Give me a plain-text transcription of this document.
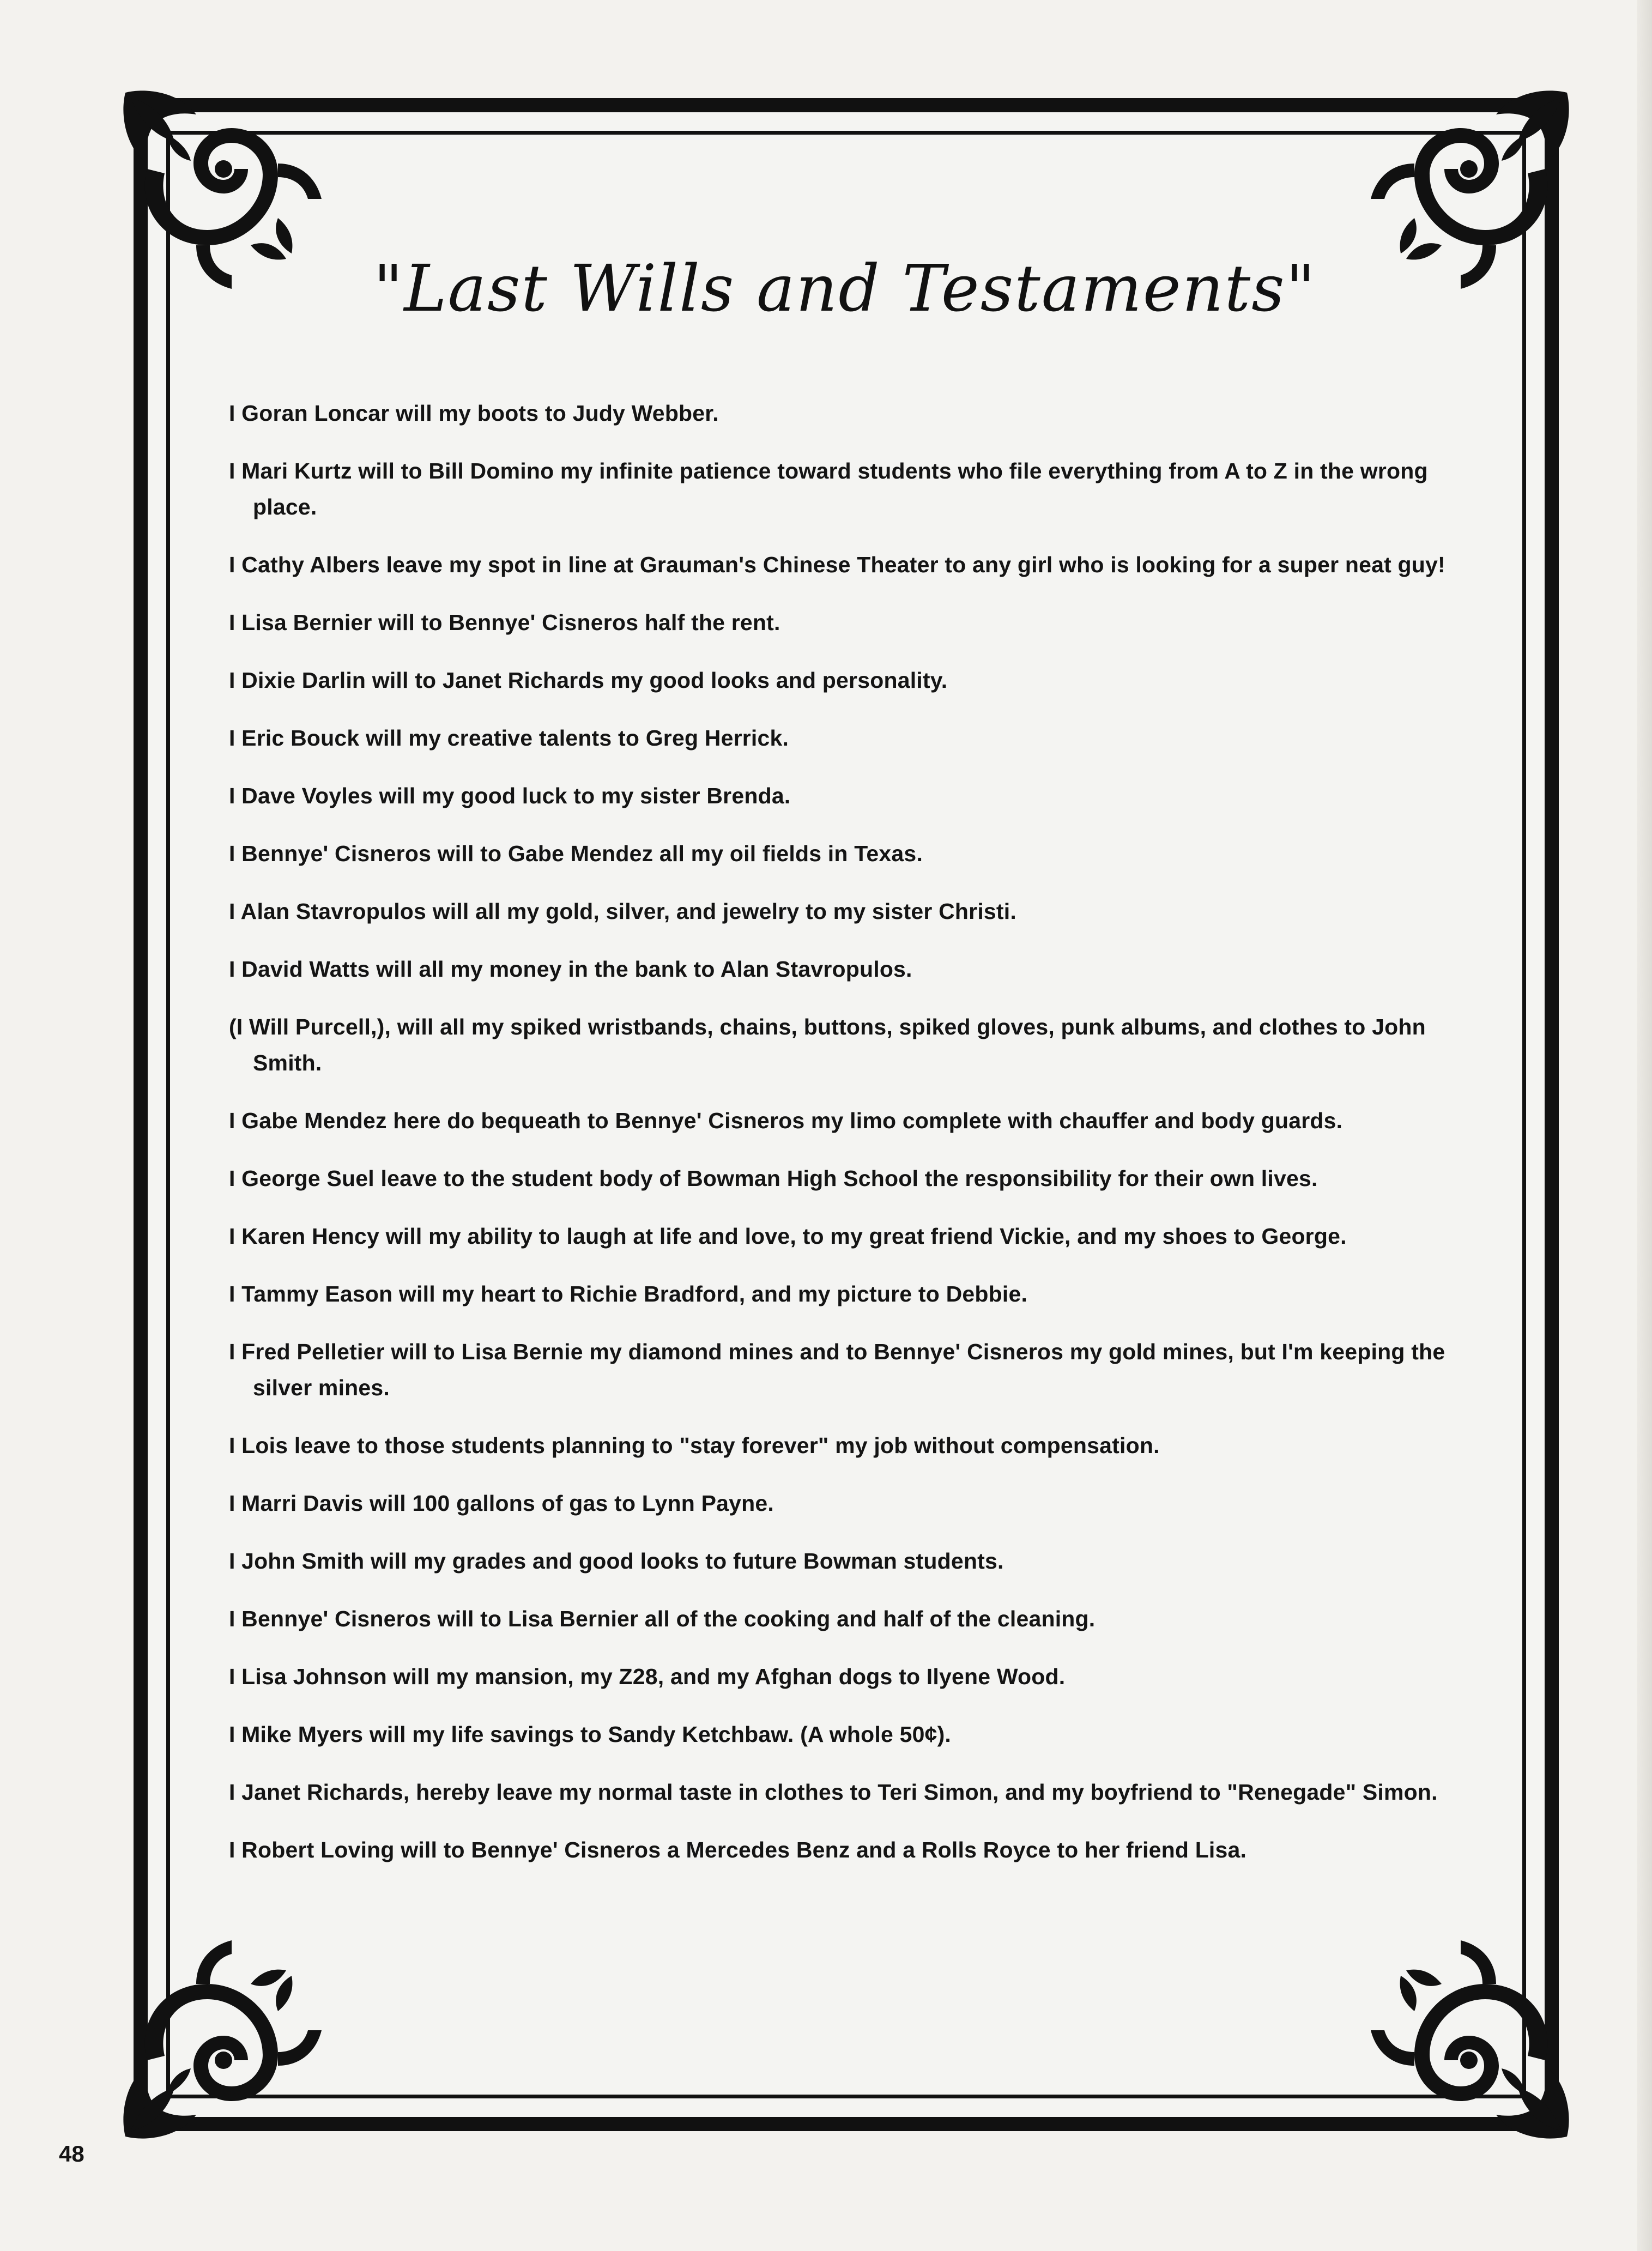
"Last Wills and Testaments"
I Goran Loncar will my boots to Judy Webber.
I Mari Kurtz will to Bill Domino my infinite patience toward students who file everything from A to Z in the wrong place.
I Cathy Albers leave my spot in line at Grauman's Chinese Theater to any girl who is looking for a super neat guy!
I Lisa Bernier will to Bennye' Cisneros half the rent.
I Dixie Darlin will to Janet Richards my good looks and personality.
I Eric Bouck will my creative talents to Greg Herrick.
I Dave Voyles will my good luck to my sister Brenda.
I Bennye' Cisneros will to Gabe Mendez all my oil fields in Texas.
I Alan Stavropulos will all my gold, silver, and jewelry to my sister Christi.
I David Watts will all my money in the bank to Alan Stavropulos.
(I Will Purcell,), will all my spiked wristbands, chains, buttons, spiked gloves, punk albums, and clothes to John Smith.
I Gabe Mendez here do bequeath to Bennye' Cisneros my limo complete with chauffer and body guards.
I George Suel leave to the student body of Bowman High School the responsibility for their own lives.
I Karen Hency will my ability to laugh at life and love, to my great friend Vickie, and my shoes to George.
I Tammy Eason will my heart to Richie Bradford, and my picture to Debbie.
I Fred Pelletier will to Lisa Bernie my diamond mines and to Bennye' Cisneros my gold mines, but I'm keeping the silver mines.
I Lois leave to those students planning to "stay forever" my job without compensation.
I Marri Davis will 100 gallons of gas to Lynn Payne.
I John Smith will my grades and good looks to future Bowman students.
I Bennye' Cisneros will to Lisa Bernier all of the cooking and half of the cleaning.
I Lisa Johnson will my mansion, my Z28, and my Afghan dogs to Ilyene Wood.
I Mike Myers will my life savings to Sandy Ketchbaw. (A whole 50¢).
I Janet Richards, hereby leave my normal taste in clothes to Teri Simon, and my boyfriend to "Renegade" Simon.
I Robert Loving will to Bennye' Cisneros a Mercedes Benz and a Rolls Royce to her friend Lisa.
48
